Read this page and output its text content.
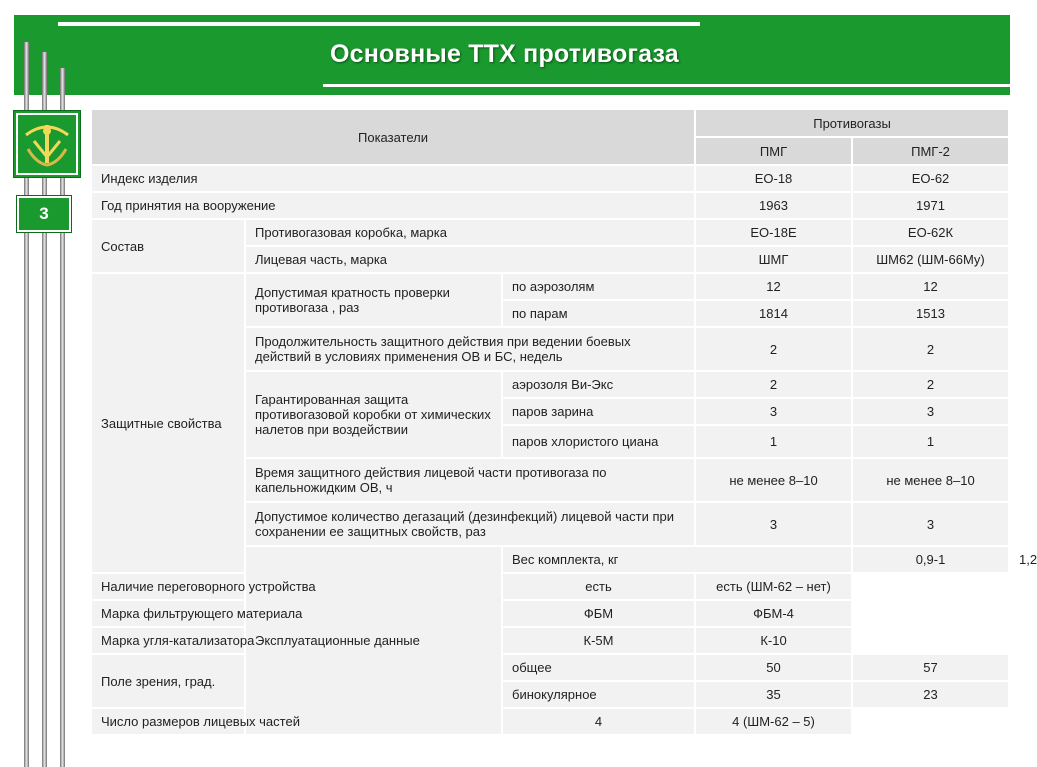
Основные ТТХ противогаза
3
Показатели			Противогазы		
			ПМГ	ПМГ-2	
Индекс изделия			ЕО-18	ЕО-62	
Год принятия на вооружение			1963	1971	
Состав	Противогазовая коробка, марка		ЕО-18Е	ЕО-62К	
	Лицевая часть, марка		ШМГ	ШМ62 (ШМ-66Му)	
Защитные свойства	Допустимая кратность проверки противогаза , раз	по аэрозолям	12	12	
		по парам	1814	1513	
	Продолжительность защитного действия при ведении боевых действий в условиях применения ОВ и БС, недель		2	2	
	Гарантированная защита противогазовой коробки от химических налетов при воздействии	аэрозоля Ви-Экс	2	2	
		паров зарина	3	3	
		паров хлористого циана	1	1	
	Время защитного действия лицевой части противогаза по капельножидким ОВ, ч		не менее 8–10	не менее 8–10	
	Допустимое количество дегазаций (дезинфекций) лицевой части при сохранении ее защитных свойств, раз		3	3	
	Эксплуатационные данные	Вес комплекта, кг		0,9-1	1,2
Наличие переговорного устройства		есть	есть (ШМ-62 – нет)		
Марка фильтрующего материала		ФБМ	ФБМ-4		
Марка угля-катализатора		К-5М	К-10		
Поле зрения, град.		общее	50	57	
		бинокулярное	35	23	
Число размеров лицевых частей		4	4 (ШМ-62 – 5)		
